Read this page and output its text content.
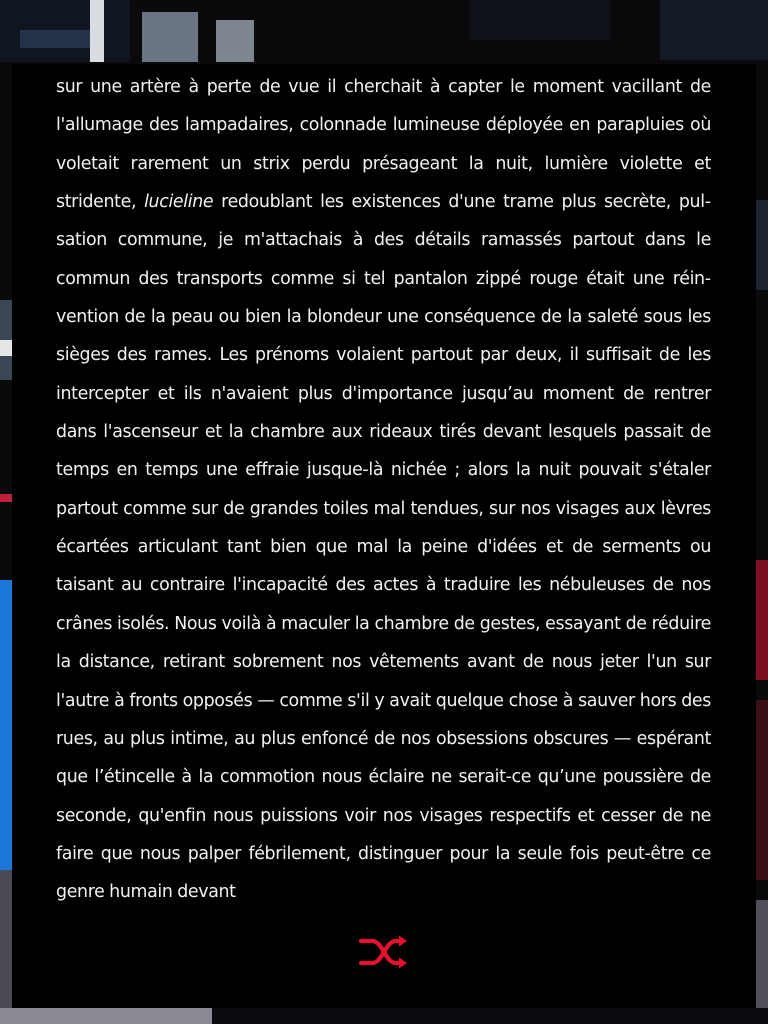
sur une artère à perte de vue il cherchait à capter le moment vacillant de l'allumage des lampadaires, colonnade lumineuse déployée en parapluies où voletait rarement un strix perdu présageant la nuit, lumière violette et stridente, lucieline redoublant les existences d'une trame plus secrète, pulsation commune, je m'attachais à des détails ramassés partout dans le commun des transports comme si tel pantalon zippé rouge était une réinvention de la peau ou bien la blondeur une conséquence de la saleté sous les sièges des rames. Les prénoms volaient partout par deux, il suffisait de les intercepter et ils n'avaient plus d'importance jusqu’au moment de rentrer dans l'ascenseur et la chambre aux rideaux tirés devant lesquels passait de temps en temps une effraie jusque-là nichée ; alors la nuit pouvait s'étaler partout comme sur de grandes toiles mal tendues, sur nos visages aux lèvres écartées articulant tant bien que mal la peine d'idées et de serments ou taisant au contraire l'incapacité des actes à traduire les nébuleuses de nos crânes isolés. Nous voilà à maculer la chambre de gestes, essayant de réduire la distance, retirant sobrement nos vêtements avant de nous jeter l'un sur l'autre à fronts opposés — comme s'il y avait quelque chose à sauver hors des rues, au plus intime, au plus enfoncé de nos obsessions obscures — espérant que l’étincelle à la commotion nous éclaire ne serait-ce qu’une poussière de seconde, qu'enfin nous puissions voir nos visages respectifs et cesser de ne faire que nous palper fébrilement, distinguer pour la seule fois peut-être ce genre humain devant
